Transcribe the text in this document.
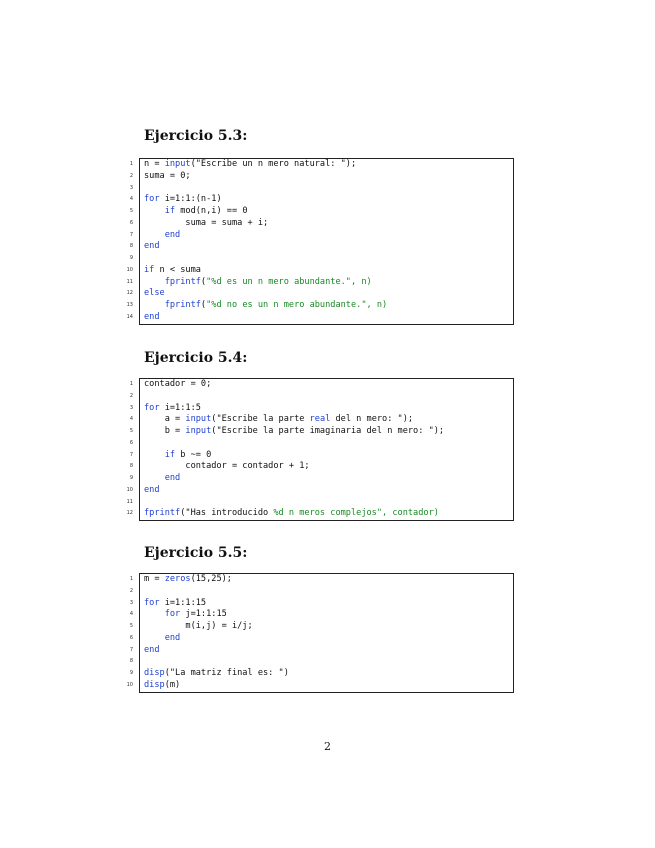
Ejercicio 5.3:
1 n = input("Escribe un n mero natural: ");
2 suma = 0;
3
4 for i=1:1:(n-1)
5	if mod(n,i) == 0
6 suma = suma + i;
7	end
8 end
9
10 if n < suma
11	fprintf("%d es un n mero abundante.", n)
12 else
13	fprintf("%d no es un n mero abundante.", n)
14 end
Ejercicio 5.4:
1 contador = 0;
2
3 for i=1:1:5
4 a = input("Escribe la parte real del n mero: ");
5 b = input("Escribe la parte imaginaria del n mero: ");
6
7	if b ~= 0
8 contador = contador + 1;
9	end
10 end
11
12 fprintf("Has introducido %d n meros complejos", contador)
Ejercicio 5.5:
1 m = zeros(15,25);
2
3 for i=1:1:15
4	for j=1:1:15
5 m(i,j) = i/j;
6	end
7 end
8
9 disp("La matriz final es: ")
10 disp(m)
2
